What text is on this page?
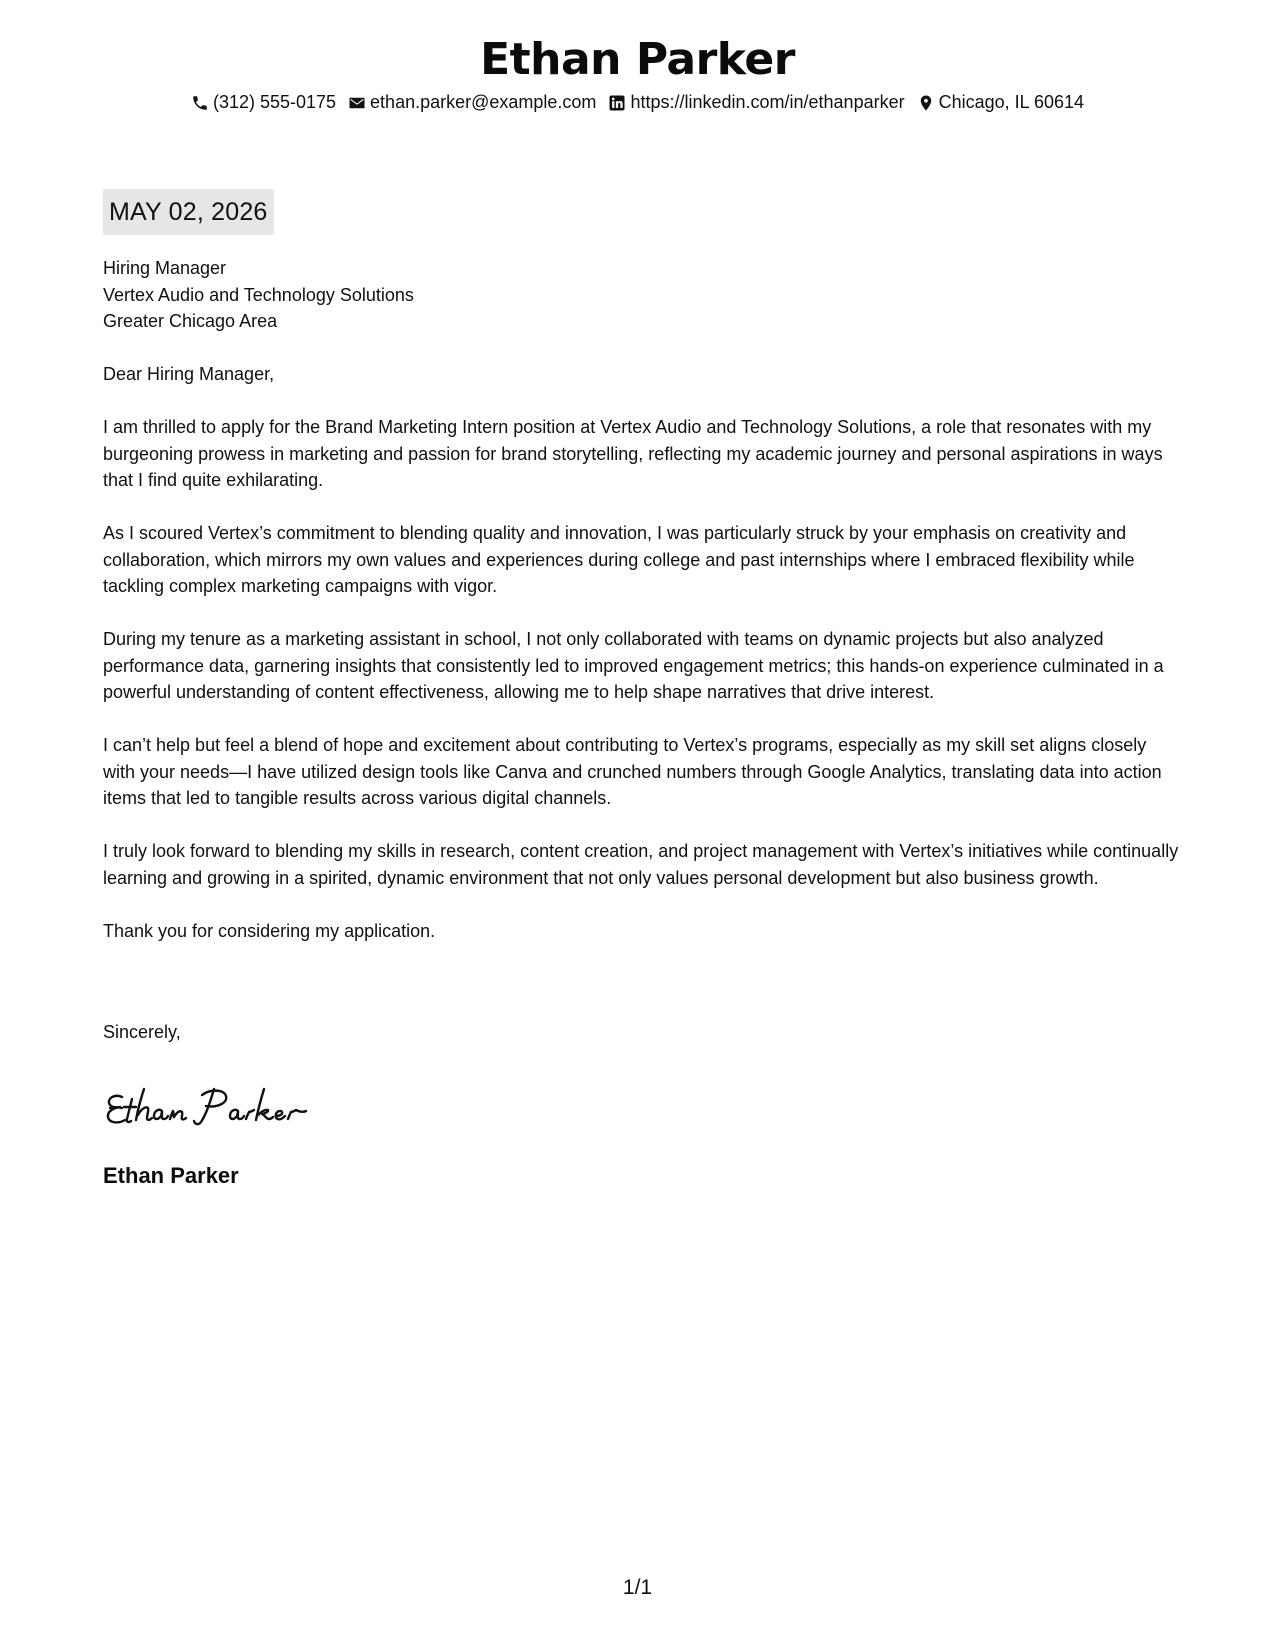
Ethan Parker
(312) 555-0175 ethan.parker@example.com https://linkedin.com/in/ethanparker Chicago, IL 60614
MAY 02, 2026

Hiring Manager

Vertex Audio and Technology Solutions

Greater Chicago Area

Dear Hiring Manager,

I am thrilled to apply for the Brand Marketing Intern position at Vertex Audio and Technology Solutions, a role that resonates with my burgeoning prowess in marketing and passion for brand storytelling, reflecting my academic journey and personal aspirations in ways that I find quite exhilarating.

As I scoured Vertex’s commitment to blending quality and innovation, I was particularly struck by your emphasis on creativity and collaboration, which mirrors my own values and experiences during college and past internships where I embraced flexibility while tackling complex marketing campaigns with vigor.

During my tenure as a marketing assistant in school, I not only collaborated with teams on dynamic projects but also analyzed performance data, garnering insights that consistently led to improved engagement metrics; this hands-on experience culminated in a powerful understanding of content effectiveness, allowing me to help shape narratives that drive interest.

I can’t help but feel a blend of hope and excitement about contributing to Vertex’s programs, especially as my skill set aligns closely with your needs—I have utilized design tools like Canva and crunched numbers through Google Analytics, translating data into action items that led to tangible results across various digital channels.

I truly look forward to blending my skills in research, content creation, and project management with Vertex’s initiatives while continually learning and growing in a spirited, dynamic environment that not only values personal development but also business growth.

Thank you for considering my application.

Sincerely,
Ethan Parker
1/1
